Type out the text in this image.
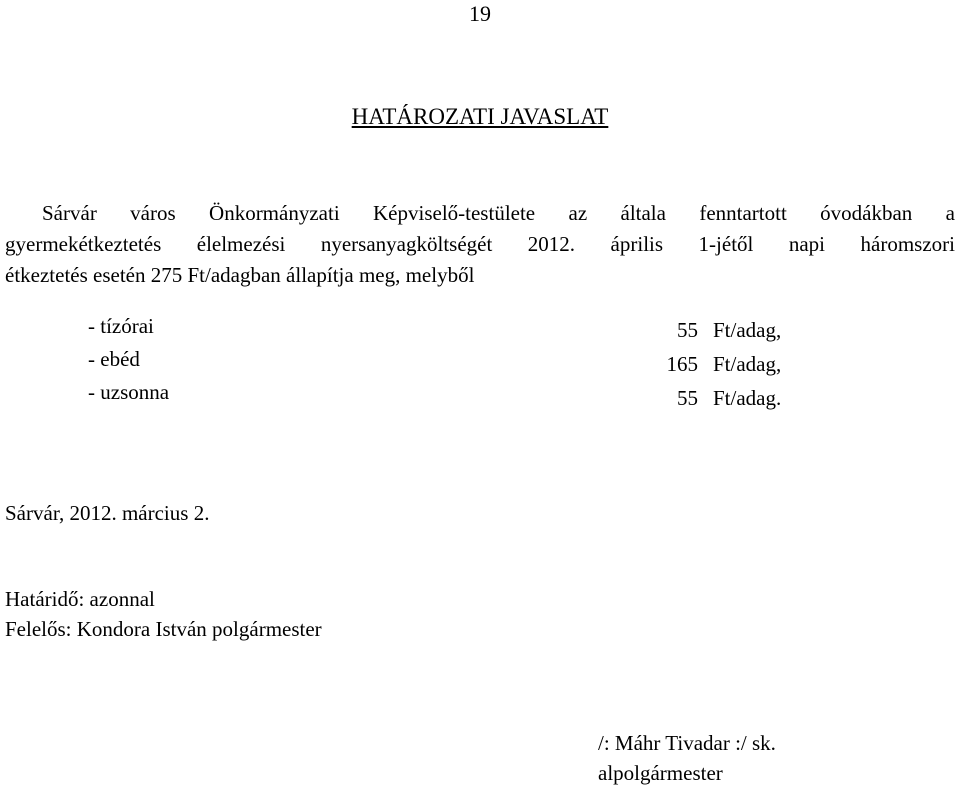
19
HATÁROZATI JAVASLAT
Sárvár város Önkormányzati Képviselő-testülete az általa fenntartott óvodákban a
gyermekétkeztetés élelmezési nyersanyagköltségét 2012. április 1-jétől napi háromszori
étkeztetés esetén 275 Ft/adagban állapítja meg, melyből
- tízórai	55 Ft/adag,
- ebéd	165 Ft/adag,
- uzsonna	55 Ft/adag.
Sárvár, 2012. március 2.
Határidő: azonnal
Felelős: Kondora István polgármester
/: Máhr Tivadar :/ sk.
alpolgármester
